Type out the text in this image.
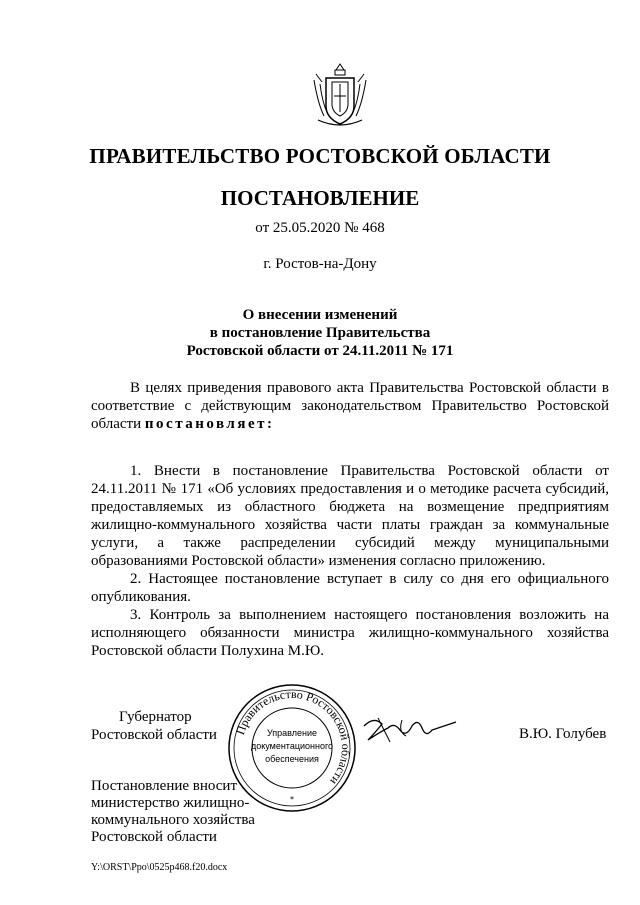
ПРАВИТЕЛЬСТВО РОСТОВСКОЙ ОБЛАСТИ
ПОСТАНОВЛЕНИЕ
от 25.05.2020 № 468
г. Ростов-на-Дону
О внесении изменений
в постановление Правительства
Ростовской области от 24.11.2011 № 171

В целях приведения правового акта Правительства Ростовской области в соответствие с действующим законодательством Правительство Ростовской области постановляет:

1. Внести в постановление Правительства Ростовской области от 24.11.2011 № 171 «Об условиях предоставления и о методике расчета субсидий, предоставляемых из областного бюджета на возмещение предприятиям жилищно-коммунального хозяйства части платы граждан за коммунальные услуги, а также распределении субсидий между муниципальными образованиями Ростовской области» изменения согласно приложению.

2. Настоящее постановление вступает в силу со дня его официального опубликования.

3. Контроль за выполнением настоящего постановления возложить на исполняющего обязанности министра жилищно-коммунального хозяйства Ростовской области Полухина М.Ю.

Губернатор
Ростовской области Правительство Ростовской области
Управление
документационного
обеспечения
*
В.Ю. Голубев
Постановление вносит
министерство жилищно-
коммунального хозяйства
Ростовской области
Y:\ORST\Ppo\0525p468.f20.docx
